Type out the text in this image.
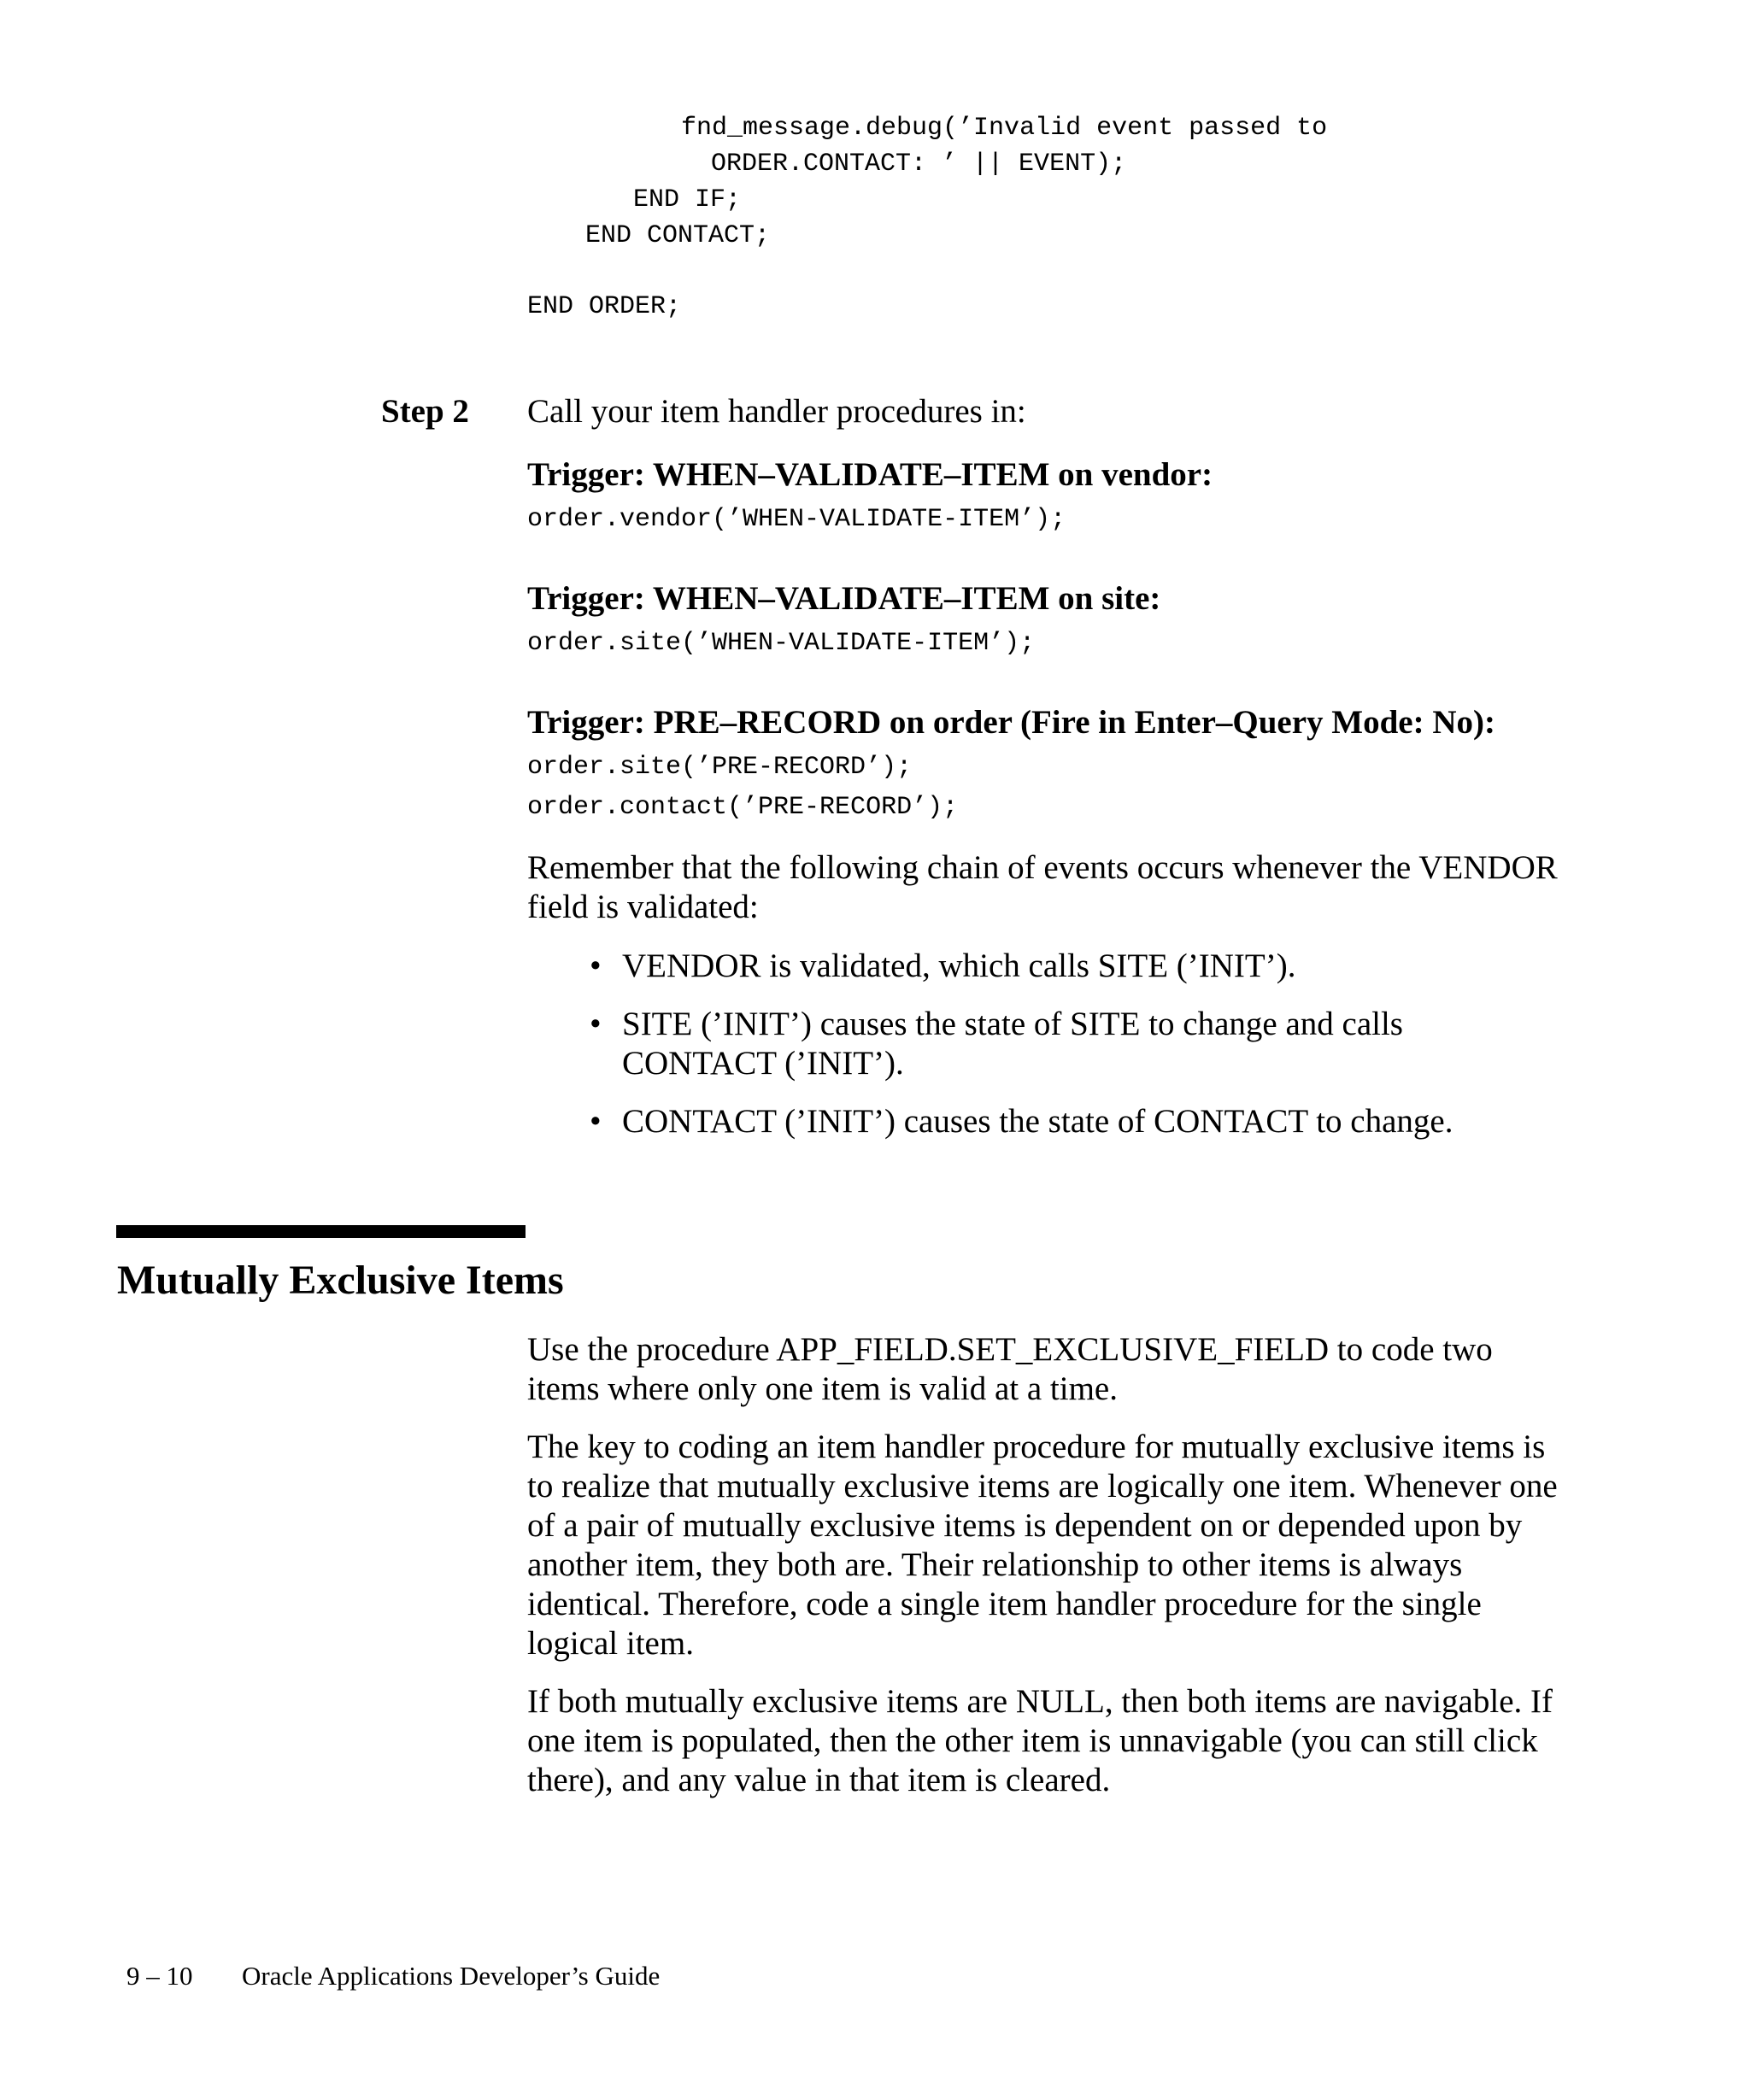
fnd_message.debug(’Invalid event passed to
ORDER.CONTACT: ’ || EVENT);
END IF;
END CONTACT;
END ORDER;
Step 2 Call your item handler procedures in:
Trigger: WHEN–VALIDATE–ITEM on vendor:
order.vendor(’WHEN-VALIDATE-ITEM’);
Trigger: WHEN–VALIDATE–ITEM on site:
order.site(’WHEN-VALIDATE-ITEM’);
Trigger: PRE–RECORD on order (Fire in Enter–Query Mode: No):
order.site(’PRE-RECORD’);
order.contact(’PRE-RECORD’);
Remember that the following chain of events occurs whenever the VENDOR field is validated:
• VENDOR is validated, which calls SITE (’INIT’).
• SITE (’INIT’) causes the state of SITE to change and calls CONTACT (’INIT’).
• CONTACT (’INIT’) causes the state of CONTACT to change.
Mutually Exclusive Items
Use the procedure APP_FIELD.SET_EXCLUSIVE_FIELD to code two items where only one item is valid at a time.
The key to coding an item handler procedure for mutually exclusive items is to realize that mutually exclusive items are logically one item. Whenever one of a pair of mutually exclusive items is dependent on or depended upon by another item, they both are. Their relationship to other items is always identical. Therefore, code a single item handler procedure for the single logical item.
If both mutually exclusive items are NULL, then both items are navigable. If one item is populated, then the other item is unnavigable (you can still click there), and any value in that item is cleared.
9 – 10 Oracle Applications Developer’s Guide
